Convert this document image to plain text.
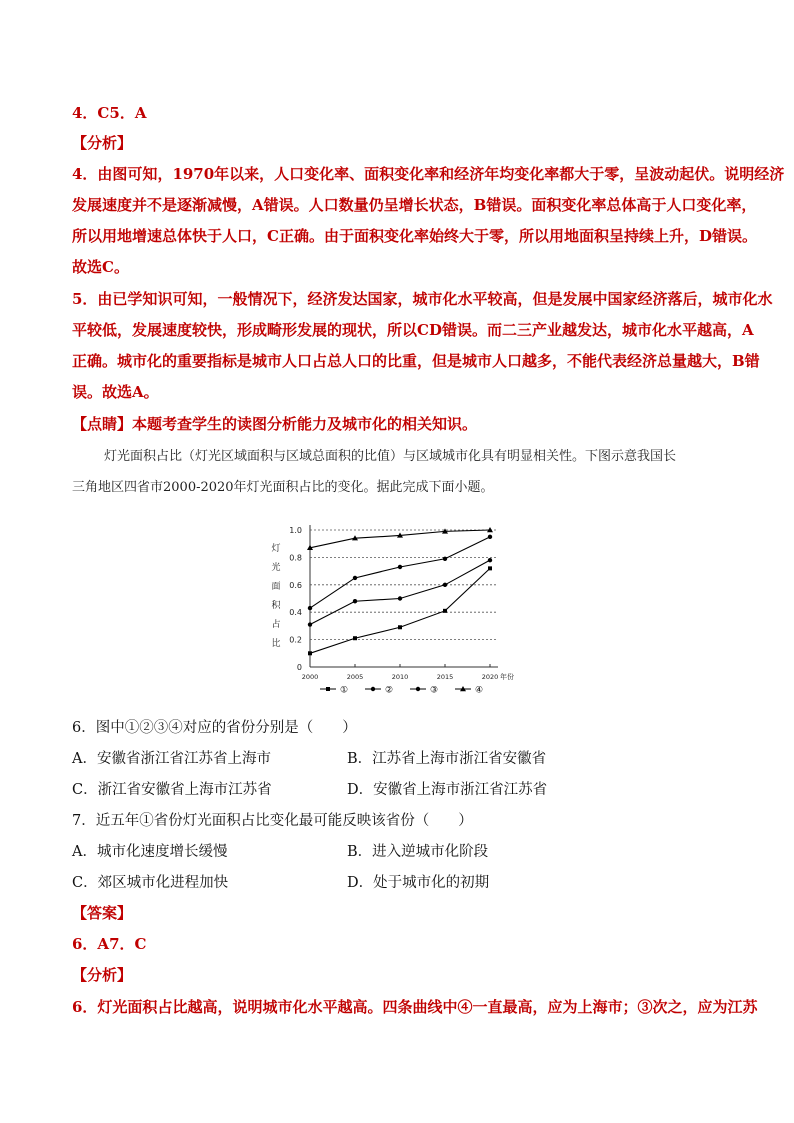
4．C5．A
【分析】
4．由图可知，1970年以来，人口变化率、面积变化率和经济年均变化率都大于零，呈波动起伏。说明经济
发展速度并不是逐渐减慢，A错误。人口数量仍呈增长状态，B错误。面积变化率总体高于人口变化率，
所以用地增速总体快于人口，C正确。由于面积变化率始终大于零，所以用地面积呈持续上升，D错误。
故选C。
5．由已学知识可知，一般情况下，经济发达国家，城市化水平较高，但是发展中国家经济落后，城市化水
平较低，发展速度较快，形成畸形发展的现状，所以CD错误。而二三产业越发达，城市化水平越高，A
正确。城市化的重要指标是城市人口占总人口的比重，但是城市人口越多，不能代表经济总量越大，B错
误。故选A。
【点睛】本题考查学生的读图分析能力及城市化的相关知识。
灯光面积占比（灯光区域面积与区域总面积的比值）与区域城市化具有明显相关性。下图示意我国长
三角地区四省市2000-2020年灯光面积占比的变化。据此完成下面小题。
0
0.2
0.4
0.6
0.8
1.0
2000	2005	2010	2015	2020 年份
灯
光
面
积
占
比
①	②	③	④
6．图中①②③④对应的省份分别是（　　）
A．安徽省浙江省江苏省上海市	B．江苏省上海市浙江省安徽省
C．浙江省安徽省上海市江苏省	D．安徽省上海市浙江省江苏省
7．近五年①省份灯光面积占比变化最可能反映该省份（　　）
A．城市化速度增长缓慢	B．进入逆城市化阶段
C．郊区城市化进程加快	D．处于城市化的初期
【答案】
6．A7．C
【分析】
6．灯光面积占比越高，说明城市化水平越高。四条曲线中④一直最高，应为上海市；③次之，应为江苏
